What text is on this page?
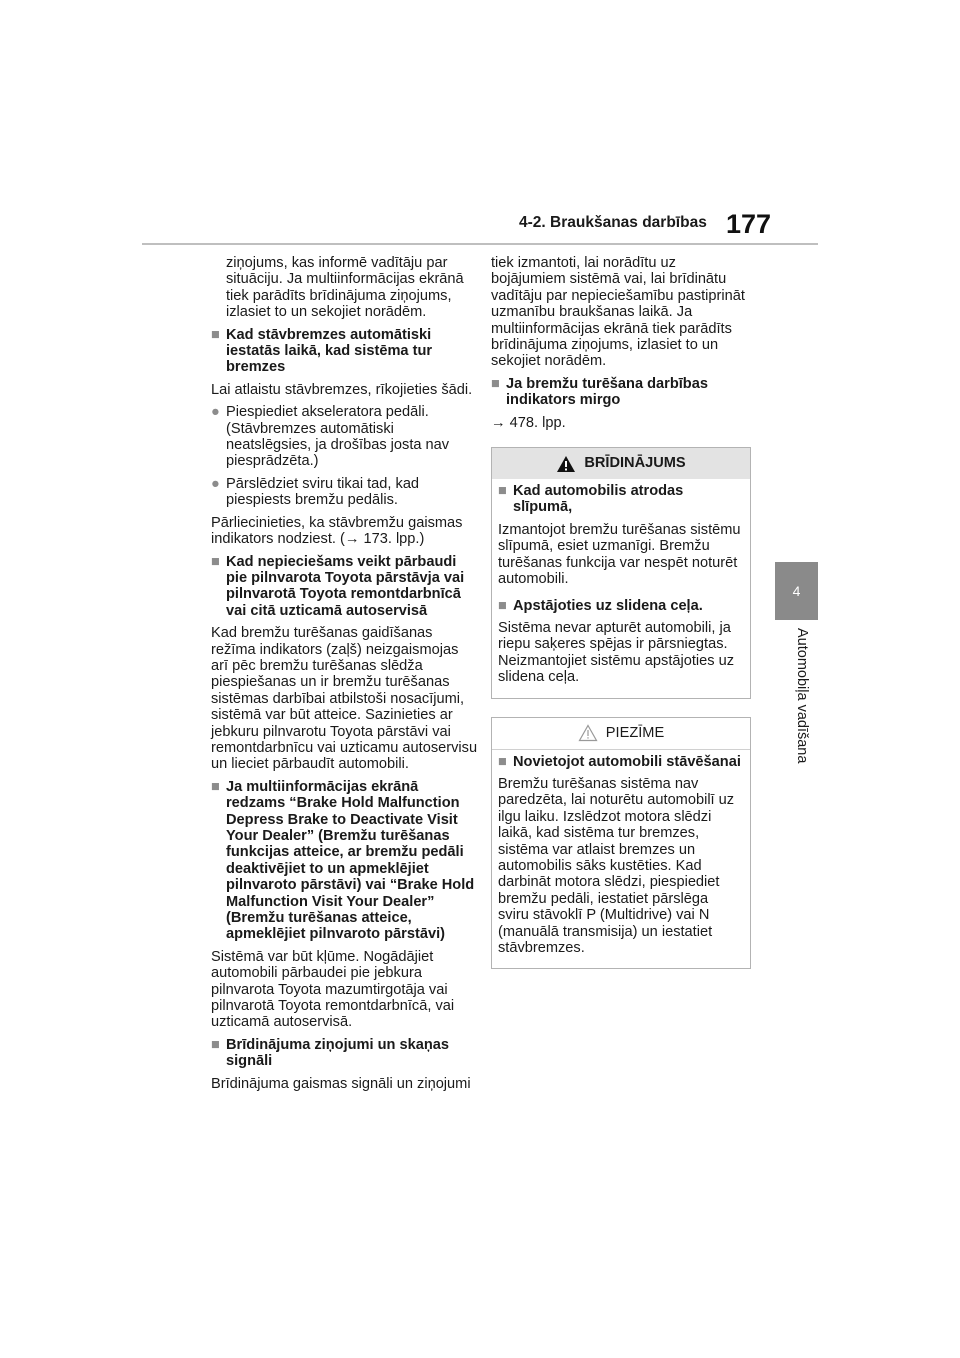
4-2. Braukšanas darbības 177
4
Automobiļa vadīšana

ziņojums, kas informē vadītāju par situāciju. Ja multiinformācijas ekrānā tiek parādīts brīdinājuma ziņojums, izlasiet to un sekojiet norādēm.

■ Kad stāvbremzes automātiski iestatās laikā, kad sistēma tur bremzes

Lai atlaistu stāvbremzes, rīkojieties šādi.

● Piespiediet akseleratora pedāli. (Stāvbremzes automātiski neatslēgsies, ja drošības josta nav piesprādzēta.)
● Pārslēdziet sviru tikai tad, kad piespiests bremžu pedālis.

Pārliecinieties, ka stāvbremžu gaismas indikators nodziest. (→ 173. lpp.)

■ Kad nepieciešams veikt pārbaudi pie pilnvarota Toyota pārstāvja vai pilnvarotā Toyota remontdarbnīcā vai citā uzticamā autoservisā

Kad bremžu turēšanas gaidīšanas režīma indikators (zaļš) neizgaismojas arī pēc bremžu turēšanas slēdža piespiešanas un ir bremžu turēšanas sistēmas darbībai atbilstoši nosacījumi, sistēmā var būt atteice. Sazinieties ar jebkuru pilnvarotu Toyota pārstāvi vai remontdarbnīcu vai uzticamu autoservisu un lieciet pārbaudīt automobili.

■ Ja multiinformācijas ekrānā redzams “Brake Hold Malfunction Depress Brake to Deactivate Visit Your Dealer” (Bremžu turēšanas funkcijas atteice, ar bremžu pedāli deaktivējiet to un apmeklējiet pilnvaroto pārstāvi) vai “Brake Hold Malfunction Visit Your Dealer” (Bremžu turēšanas atteice, apmeklējiet pilnvaroto pārstāvi)

Sistēmā var būt kļūme. Nogādājiet automobili pārbaudei pie jebkura pilnvarota Toyota mazumtirgotāja vai pilnvarotā Toyota remontdarbnīcā, vai uzticamā autoservisā.

■ Brīdinājuma ziņojumi un skaņas signāli

Brīdinājuma gaismas signāli un ziņojumi

tiek izmantoti, lai norādītu uz bojājumiem sistēmā vai, lai brīdinātu vadītāju par nepieciešamību pastiprināt uzmanību braukšanas laikā. Ja multiinformācijas ekrānā tiek parādīts brīdinājuma ziņojums, izlasiet to un sekojiet norādēm.

■ Ja bremžu turēšana darbības indikators mirgo

→ 478. lpp.

BRĪDINĀJUMS
■ Kad automobilis atrodas slīpumā,

Izmantojot bremžu turēšanas sistēmu slīpumā, esiet uzmanīgi. Bremžu turēšanas funkcija var nespēt noturēt automobili.

■ Apstājoties uz slidena ceļa.

Sistēma nevar apturēt automobili, ja riepu saķeres spējas ir pārsniegtas. Neizmantojiet sistēmu apstājoties uz slidena ceļa.

PIEZĪME
■ Novietojot automobili stāvēšanai

Bremžu turēšanas sistēma nav paredzēta, lai noturētu automobilī uz ilgu laiku. Izslēdzot motora slēdzi laikā, kad sistēma tur bremzes, sistēma var atlaist bremzes un automobilis sāks kustēties. Kad darbināt motora slēdzi, piespiediet bremžu pedāli, iestatiet pārslēga sviru stāvoklī P (Multidrive) vai N (manuālā transmisija) un iestatiet stāvbremzes.
